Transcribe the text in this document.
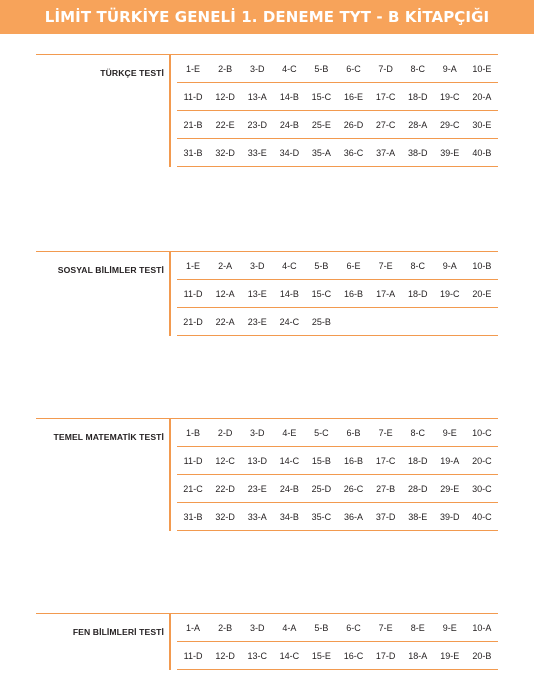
LİMİT TÜRKİYE GENELİ 1. DENEME TYT - B KİTAPÇIĞI
TÜRKÇE TESTİ	1-E	2-B	3-D	4-C	5-B	6-C	7-D	8-C	9-A	10-E
11-D	12-D	13-A	14-B	15-C	16-E	17-C	18-D	19-C	20-A
21-B	22-E	23-D	24-B	25-E	26-D	27-C	28-A	29-C	30-E
31-B	32-D	33-E	34-D	35-A	36-C	37-A	38-D	39-E	40-B
SOSYAL BİLİMLER TESTİ	1-E	2-A	3-D	4-C	5-B	6-E	7-E	8-C	9-A	10-B
11-D	12-A	13-E	14-B	15-C	16-B	17-A	18-D	19-C	20-E
21-D	22-A	23-E	24-C	25-B
TEMEL MATEMATİK TESTİ	1-B	2-D	3-D	4-E	5-C	6-B	7-E	8-C	9-E	10-C
11-D	12-C	13-D	14-C	15-B	16-B	17-C	18-D	19-A	20-C
21-C	22-D	23-E	24-B	25-D	26-C	27-B	28-D	29-E	30-C
31-B	32-D	33-A	34-B	35-C	36-A	37-D	38-E	39-D	40-C
FEN BİLİMLERİ TESTİ	1-A	2-B	3-D	4-A	5-B	6-C	7-E	8-E	9-E	10-A
11-D	12-D	13-C	14-C	15-E	16-C	17-D	18-A	19-E	20-B
